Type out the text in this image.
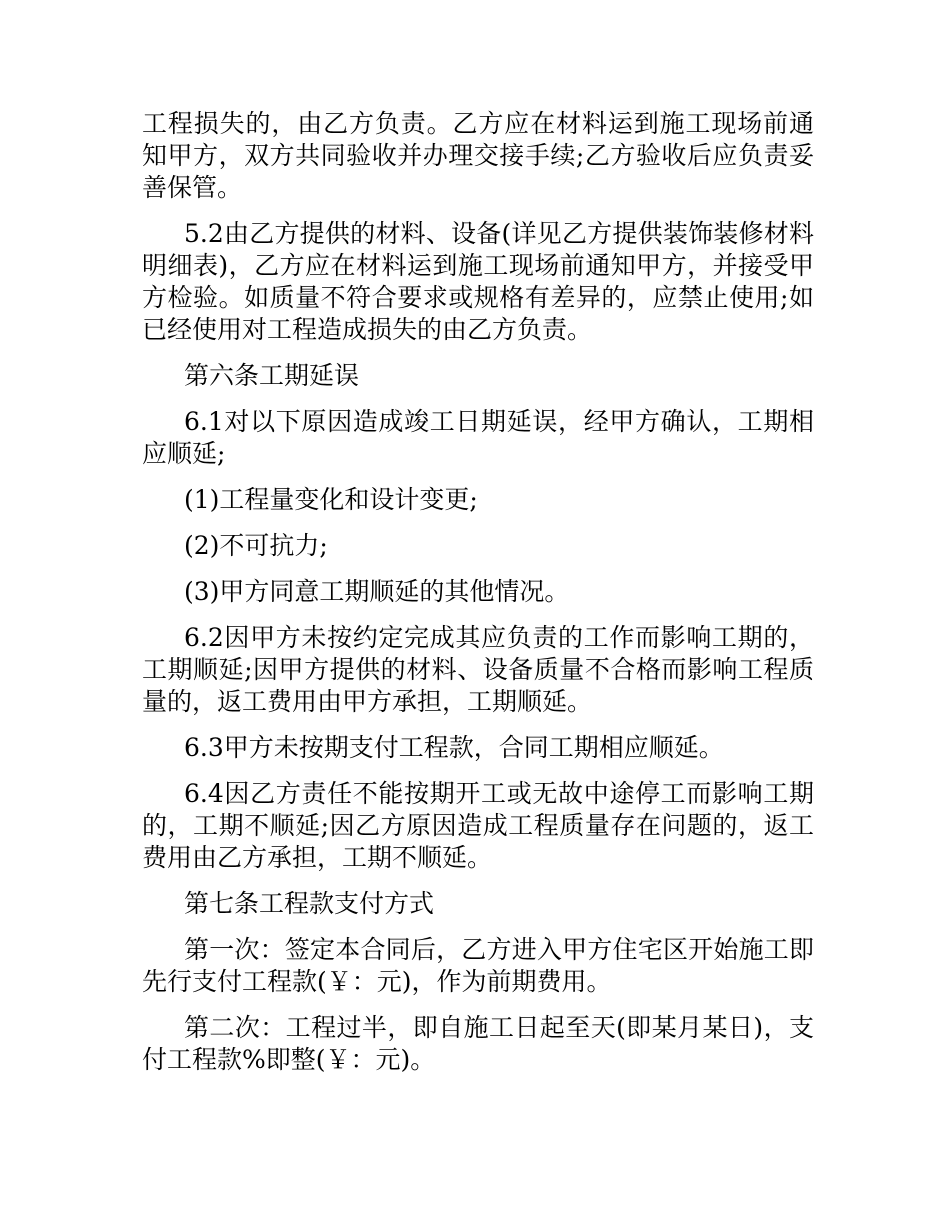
工程损失的，由乙方负责。乙方应在材料运到施工现场前通知甲方，双方共同验收并办理交接手续;乙方验收后应负责妥善保管。

5.2由乙方提供的材料、设备(详见乙方提供装饰装修材料明细表)，乙方应在材料运到施工现场前通知甲方，并接受甲方检验。如质量不符合要求或规格有差异的，应禁止使用;如已经使用对工程造成损失的由乙方负责。

第六条工期延误

6.1对以下原因造成竣工日期延误，经甲方确认，工期相应顺延;

(1)工程量变化和设计变更;

(2)不可抗力;

(3)甲方同意工期顺延的其他情况。

6.2因甲方未按约定完成其应负责的工作而影响工期的，工期顺延;因甲方提供的材料、设备质量不合格而影响工程质量的，返工费用由甲方承担，工期顺延。

6.3甲方未按期支付工程款，合同工期相应顺延。

6.4因乙方责任不能按期开工或无故中途停工而影响工期的，工期不顺延;因乙方原因造成工程质量存在问题的，返工费用由乙方承担，工期不顺延。

第七条工程款支付方式

第一次：签定本合同后，乙方进入甲方住宅区开始施工即先行支付工程款(￥：元)，作为前期费用。

第二次：工程过半，即自施工日起至天(即某月某日)，支付工程款%即整(￥：元)。
